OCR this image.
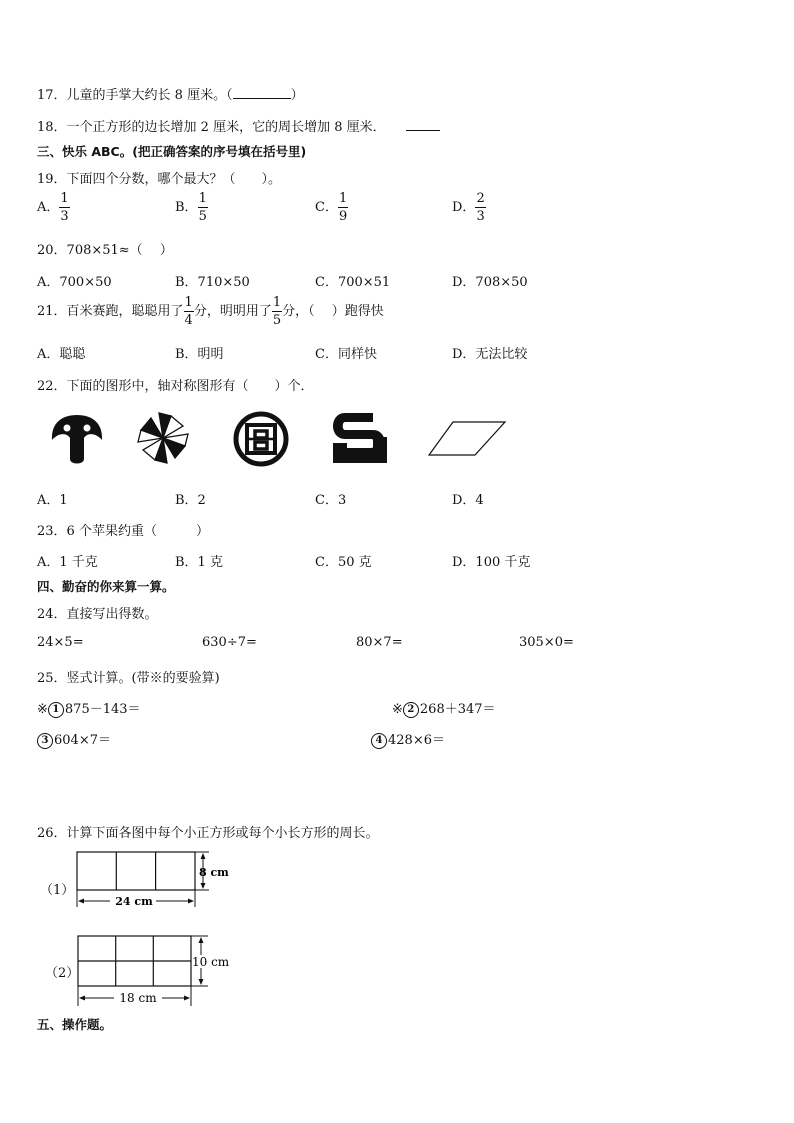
17．儿童的手掌大约长 8 厘米。（	）
18．一个正方形的边长增加 2 厘米，它的周长增加 8 厘米．
三、快乐 ABC。(把正确答案的序号填在括号里)
19．下面四个分数，哪个最大？（　　）。
A． $\frac{1}{3}$	B． $\frac{1}{5}$	C． $\frac{1}{9}$	D． $\frac{2}{3}$
20．708×51≈（　 ）
A．700×50	B．710×50	C．700×51	D．708×50
21．百米赛跑，聪聪用了 $\frac{1}{4}$ 分，明明用了 $\frac{1}{5}$ 分，（　 ）跑得快
A．聪聪	B．明明	C．同样快	D．无法比较
22．下面的图形中，轴对称图形有（　　）个．
A．1	B．2	C．3	D．4
23．6 个苹果约重（　　　）
A．1 千克	B．1 克	C．50 克	D．100 千克
四、勤奋的你来算一算。
24．直接写出得数。
24×5=	630÷7=	80×7=	305×0=
25．竖式计算。(带※的要验算)
※ 1 875－143＝	※ 2 268＋347＝
3 604×7＝	4 428×6＝
26．计算下面各图中每个小正方形或每个小长方形的周长。
（1）
24 cm
8 cm
（2）
18 cm
10 cm
五、操作题。
